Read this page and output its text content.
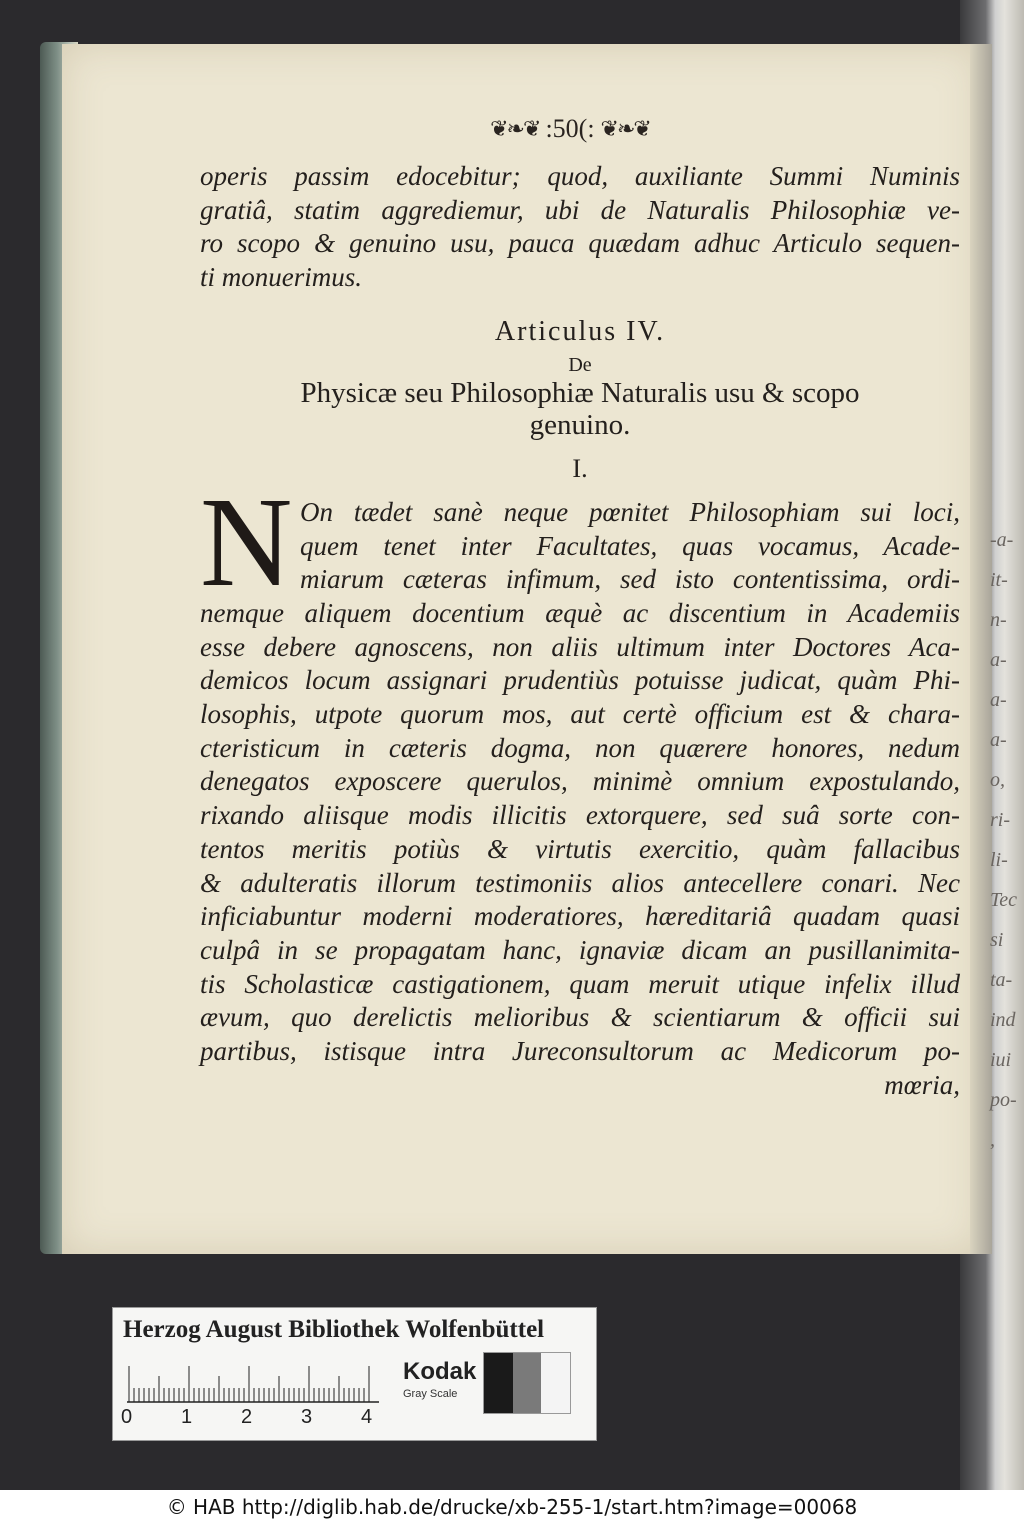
-a-
it-
n-
a-
a-
a-
o,
ri-
li-
Tec
si
ta-
ind
iui
po-
,
❦❧❦ :50(: ❦❧❦
operis passim edocebitur; quod, auxiliante Summi Numinis
gratiâ, statim aggrediemur, ubi de Naturalis Philosophiæ ve-
ro scopo & genuino usu, pauca quædam adhuc Articulo sequen-
ti monuerimus.
Articulus IV.
De
Physicæ seu Philosophiæ Naturalis usu & scopo
genuino.
I.
N On tædet sanè neque pœnitet Philosophiam sui loci,
quem tenet inter Facultates, quas vocamus, Acade-
miarum cæteras infimum, sed isto contentissima, ordi-
nemque aliquem docentium æquè ac discentium in Academiis
esse debere agnoscens, non aliis ultimum inter Doctores Aca-
demicos locum assignari prudentiùs potuisse judicat, quàm Phi-
losophis, utpote quorum mos, aut certè officium est & chara-
cteristicum in cæteris dogma, non quærere honores, nedum
denegatos exposcere querulos, minimè omnium expostulando,
rixando aliisque modis illicitis extorquere, sed suâ sorte con-
tentos meritis potiùs & virtutis exercitio, quàm fallacibus
& adulteratis illorum testimoniis alios antecellere conari. Nec
inficiabuntur moderni moderatiores, hæreditariâ quadam quasi
culpâ in se propagatam hanc, ignaviæ dicam an pusillanimita-
tis Scholasticæ castigationem, quam meruit utique infelix illud
ævum, quo derelictis melioribus & scientiarum & officii sui
partibus, istisque intra Jureconsultorum ac Medicorum po-
mœria,
Herzog August Bibliothek Wolfenbüttel
0 1 2 3 4
Kodak
Gray Scale
© HAB http://diglib.hab.de/drucke/xb-255-1/start.htm?image=00068
